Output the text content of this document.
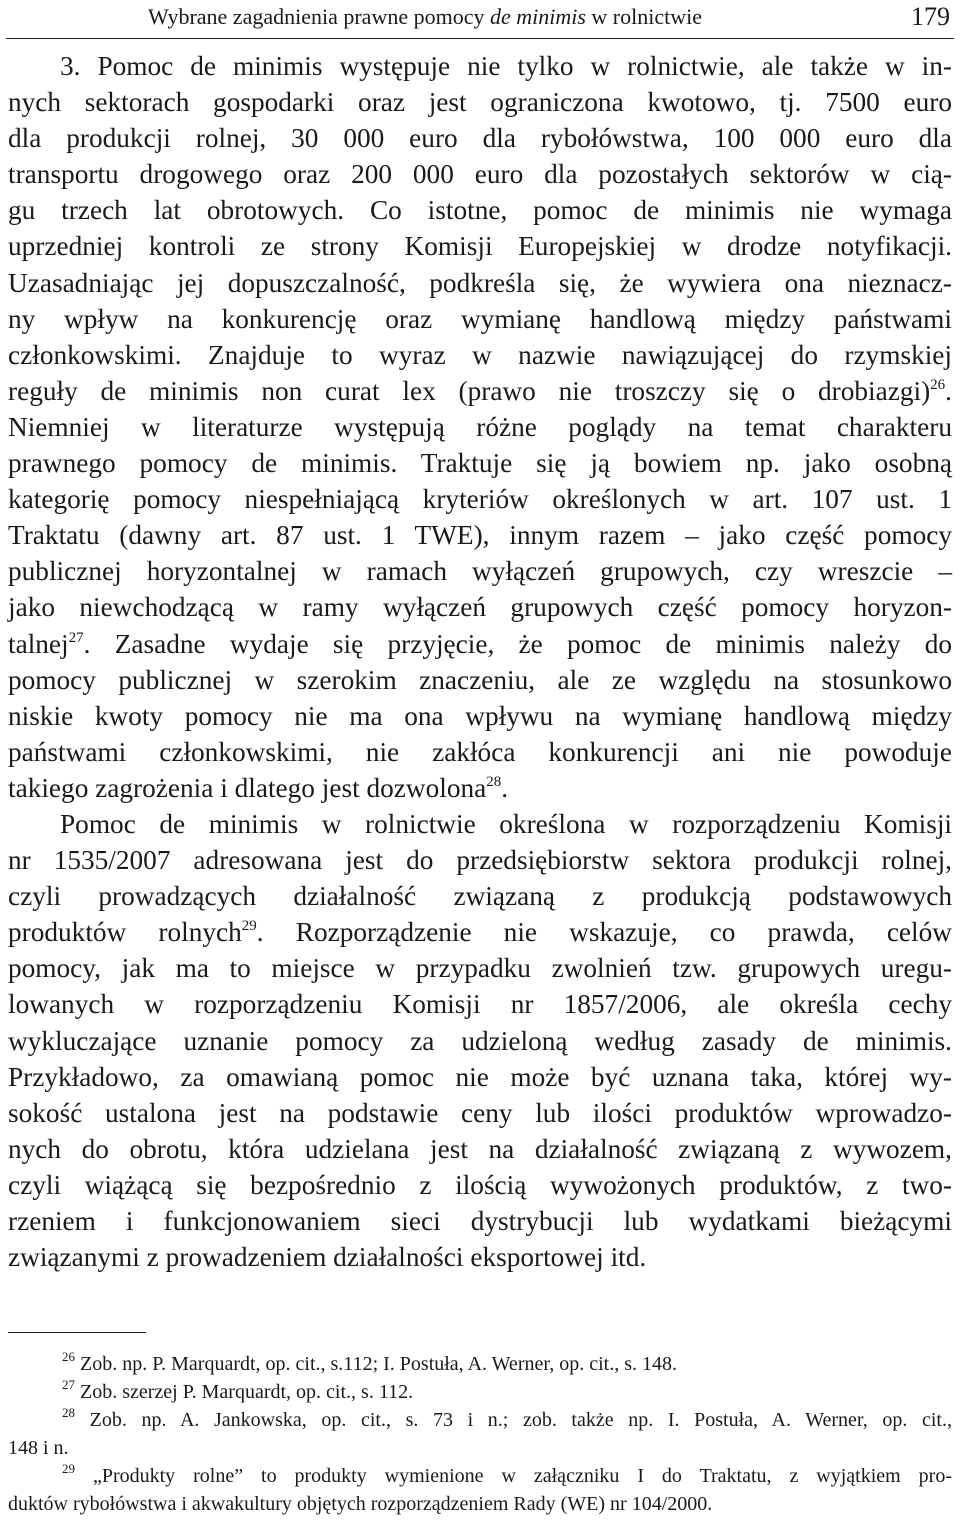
Wybrane zagadnienia prawne pomocy de minimis w rolnictwie	179
3. Pomoc de minimis występuje nie tylko w rolnictwie, ale także w in-
nych sektorach gospodarki oraz jest ograniczona kwotowo, tj. 7500 euro
dla produkcji rolnej, 30 000 euro dla rybołówstwa, 100 000 euro dla
transportu drogowego oraz 200 000 euro dla pozostałych sektorów w cią-
gu trzech lat obrotowych. Co istotne, pomoc de minimis nie wymaga
uprzedniej kontroli ze strony Komisji Europejskiej w drodze notyfikacji.
Uzasadniając jej dopuszczalność, podkreśla się, że wywiera ona nieznacz-
ny wpływ na konkurencję oraz wymianę handlową między państwami
członkowskimi. Znajduje to wyraz w nazwie nawiązującej do rzymskiej
reguły de minimis non curat lex (prawo nie troszczy się o drobiazgi)$^{26}$.
Niemniej w literaturze występują różne poglądy na temat charakteru
prawnego pomocy de minimis. Traktuje się ją bowiem np. jako osobną
kategorię pomocy niespełniającą kryteriów określonych w art. 107 ust. 1
Traktatu (dawny art. 87 ust. 1 TWE), innym razem – jako część pomocy
publicznej horyzontalnej w ramach wyłączeń grupowych, czy wreszcie –
jako niewchodzącą w ramy wyłączeń grupowych część pomocy horyzon-
talnej$^{27}$. Zasadne wydaje się przyjęcie, że pomoc de minimis należy do
pomocy publicznej w szerokim znaczeniu, ale ze względu na stosunkowo
niskie kwoty pomocy nie ma ona wpływu na wymianę handlową między
państwami członkowskimi, nie zakłóca konkurencji ani nie powoduje
takiego zagrożenia i dlatego jest dozwolona$^{28}$.
Pomoc de minimis w rolnictwie określona w rozporządzeniu Komisji
nr 1535/2007 adresowana jest do przedsiębiorstw sektora produkcji rolnej,
czyli prowadzących działalność związaną z produkcją podstawowych
produktów rolnych$^{29}$. Rozporządzenie nie wskazuje, co prawda, celów
pomocy, jak ma to miejsce w przypadku zwolnień tzw. grupowych uregu-
lowanych w rozporządzeniu Komisji nr 1857/2006, ale określa cechy
wykluczające uznanie pomocy za udzieloną według zasady de minimis.
Przykładowo, za omawianą pomoc nie może być uznana taka, której wy-
sokość ustalona jest na podstawie ceny lub ilości produktów wprowadzo-
nych do obrotu, która udzielana jest na działalność związaną z wywozem,
czyli wiążącą się bezpośrednio z ilością wywożonych produktów, z two-
rzeniem i funkcjonowaniem sieci dystrybucji lub wydatkami bieżącymi
związanymi z prowadzeniem działalności eksportowej itd.
$^{26}$ Zob. np. P. Marquardt, op. cit., s.112; I. Postuła, A. Werner, op. cit., s. 148.
$^{27}$ Zob. szerzej P. Marquardt, op. cit., s. 112.
$^{28}$ Zob. np. A. Jankowska, op. cit., s. 73 i n.; zob. także np. I. Postuła, A. Werner, op. cit.,
148 i n.
$^{29}$ „Produkty rolne” to produkty wymienione w załączniku I do Traktatu, z wyjątkiem pro-
duktów rybołówstwa i akwakultury objętych rozporządzeniem Rady (WE) nr 104/2000.
